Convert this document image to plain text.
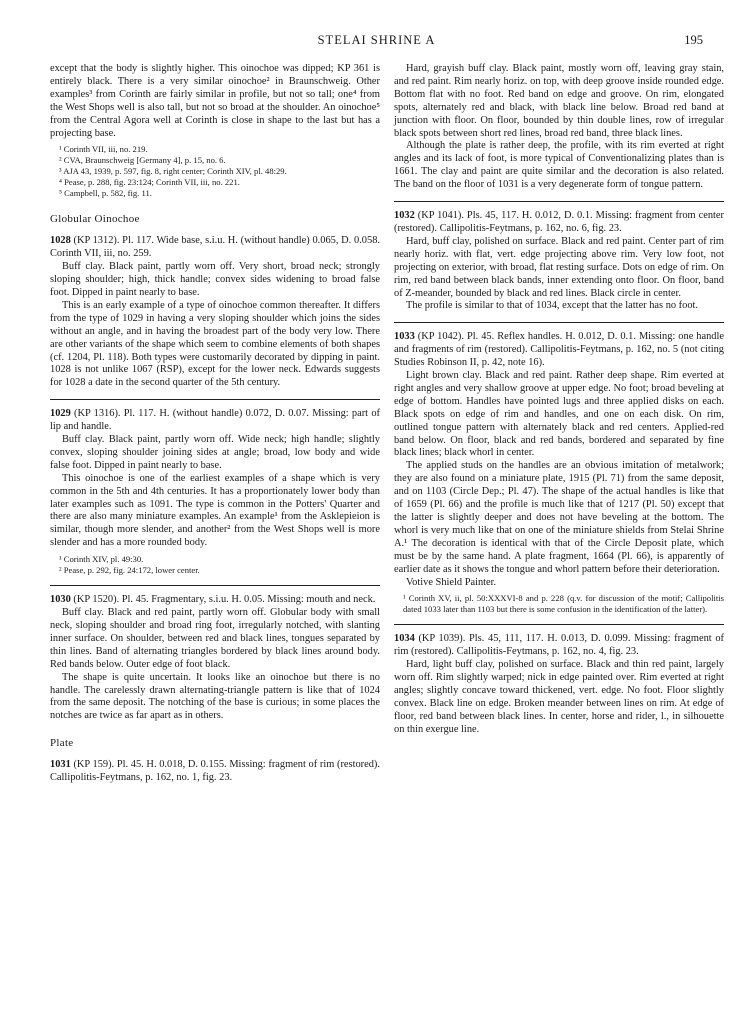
STELAI SHRINE A	195

except that the body is slightly higher. This oinochoe was dipped; KP 361 is entirely black. There is a very similar oinochoe² in Braunschweig. Other examples³ from Corinth are fairly similar in profile, but not so tall; one⁴ from the West Shops well is also tall, but not so broad at the shoulder. An oinochoe⁵ from the Central Agora well at Corinth is close in shape to the last but has a projecting base.

¹ Corinth VII, iii, no. 219.

² CVA, Braunschweig [Germany 4], p. 15, no. 6.

³ AJA 43, 1939, p. 597, fig. 8, right center; Corinth XIV, pl. 48:29.

⁴ Pease, p. 288, fig. 23:124; Corinth VII, iii, no. 221.

⁵ Campbell, p. 582, fig. 11.

Globular Oinochoe

1028 (KP 1312). Pl. 117. Wide base, s.i.u. H. (without handle) 0.065, D. 0.058. Corinth VII, iii, no. 259.

Buff clay. Black paint, partly worn off. Very short, broad neck; strongly sloping shoulder; high, thick handle; convex sides widening to broad false foot. Dipped in paint nearly to base.

This is an early example of a type of oinochoe common thereafter. It differs from the type of 1029 in having a very sloping shoulder which joins the sides without an angle, and in having the broadest part of the body very low. There are other variants of the shape which seem to combine elements of both shapes (cf. 1204, Pl. 118). Both types were customarily decorated by dipping in paint. 1028 is not unlike 1067 (RSP), except for the lower neck. Edwards suggests for 1028 a date in the second quarter of the 5th century.

1029 (KP 1316). Pl. 117. H. (without handle) 0.072, D. 0.07. Missing: part of lip and handle.

Buff clay. Black paint, partly worn off. Wide neck; high handle; slightly convex, sloping shoulder joining sides at angle; broad, low body and wide false foot. Dipped in paint nearly to base.

This oinochoe is one of the earliest examples of a shape which is very common in the 5th and 4th centuries. It has a proportionately lower body than later examples such as 1091. The type is common in the Potters' Quarter and there are also many miniature examples. An example¹ from the Asklepieion is similar, though more slender, and another² from the West Shops well is more slender and has a more rounded body.

¹ Corinth XIV, pl. 49:30.

² Pease, p. 292, fig. 24:172, lower center.

1030 (KP 1520). Pl. 45. Fragmentary, s.i.u. H. 0.05. Missing: mouth and neck.

Buff clay. Black and red paint, partly worn off. Globular body with small neck, sloping shoulder and broad ring foot, irregularly notched, with slanting inner surface. On shoulder, between red and black lines, tongues separated by thin lines. Band of alternating triangles bordered by black lines around body. Red bands below. Outer edge of foot black.

The shape is quite uncertain. It looks like an oinochoe but there is no handle. The carelessly drawn alternating-triangle pattern is like that of 1024 from the same deposit. The notching of the base is curious; in some places the notches are twice as far apart as in others.

Plate

1031 (KP 159). Pl. 45. H. 0.018, D. 0.155. Missing: fragment of rim (restored). Callipolitis-Feytmans, p. 162, no. 1, fig. 23.

Hard, grayish buff clay. Black paint, mostly worn off, leaving gray stain, and red paint. Rim nearly horiz. on top, with deep groove inside rounded edge. Bottom flat with no foot. Red band on edge and groove. On rim, elongated spots, alternately red and black, with black line below. Broad red band at junction with floor. On floor, bounded by thin double lines, row of irregular black spots between short red lines, broad red band, three black lines.

Although the plate is rather deep, the profile, with its rim everted at right angles and its lack of foot, is more typical of Conventionalizing plates than is 1661. The clay and paint are quite similar and the decoration is also related. The band on the floor of 1031 is a very degenerate form of tongue pattern.

1032 (KP 1041). Pls. 45, 117. H. 0.012, D. 0.1. Missing: fragment from center (restored). Callipolitis-Feytmans, p. 162, no. 6, fig. 23.

Hard, buff clay, polished on surface. Black and red paint. Center part of rim nearly horiz. with flat, vert. edge projecting above rim. Very low foot, not projecting on exterior, with broad, flat resting surface. Dots on edge of rim. On rim, red band between black bands, inner extending onto floor. On floor, band of Z-meander, bounded by black and red lines. Black circle in center.

The profile is similar to that of 1034, except that the latter has no foot.

1033 (KP 1042). Pl. 45. Reflex handles. H. 0.012, D. 0.1. Missing: one handle and fragments of rim (restored). Callipolitis-Feytmans, p. 162, no. 5 (not citing Studies Robinson II, p. 42, note 16).

Light brown clay. Black and red paint. Rather deep shape. Rim everted at right angles and very shallow groove at upper edge. No foot; broad beveling at edge of bottom. Handles have pointed lugs and three applied disks on each. Black spots on edge of rim and handles, and one on each disk. On rim, outlined tongue pattern with alternately black and red centers. Applied-red band below. On floor, black and red bands, bordered and separated by fine black lines; black whorl in center.

The applied studs on the handles are an obvious imitation of metalwork; they are also found on a miniature plate, 1915 (Pl. 71) from the same deposit, and on 1103 (Circle Dep.; Pl. 47). The shape of the actual handles is like that of 1659 (Pl. 66) and the profile is much like that of 1217 (Pl. 50) except that the latter is slightly deeper and does not have beveling at the bottom. The whorl is very much like that on one of the miniature shields from Stelai Shrine A.¹ The decoration is identical with that of the Circle Deposit plate, which must be by the same hand. A plate fragment, 1664 (Pl. 66), is apparently of earlier date as it shows the tongue and whorl pattern before their deterioration.

Votive Shield Painter.

¹ Corinth XV, ii, pl. 50:XXXVI-8 and p. 228 (q.v. for discussion of the motif; Callipolitis dated 1033 later than 1103 but there is some confusion in the identification of the latter).

1034 (KP 1039). Pls. 45, 111, 117. H. 0.013, D. 0.099. Missing: fragment of rim (restored). Callipolitis-Feytmans, p. 162, no. 4, fig. 23.

Hard, light buff clay, polished on surface. Black and thin red paint, largely worn off. Rim slightly warped; nick in edge painted over. Rim everted at right angles; slightly concave toward thickened, vert. edge. No foot. Floor slightly convex. Black line on edge. Broken meander between lines on rim. At edge of floor, red band between black lines. In center, horse and rider, l., in silhouette on thin exergue line.
